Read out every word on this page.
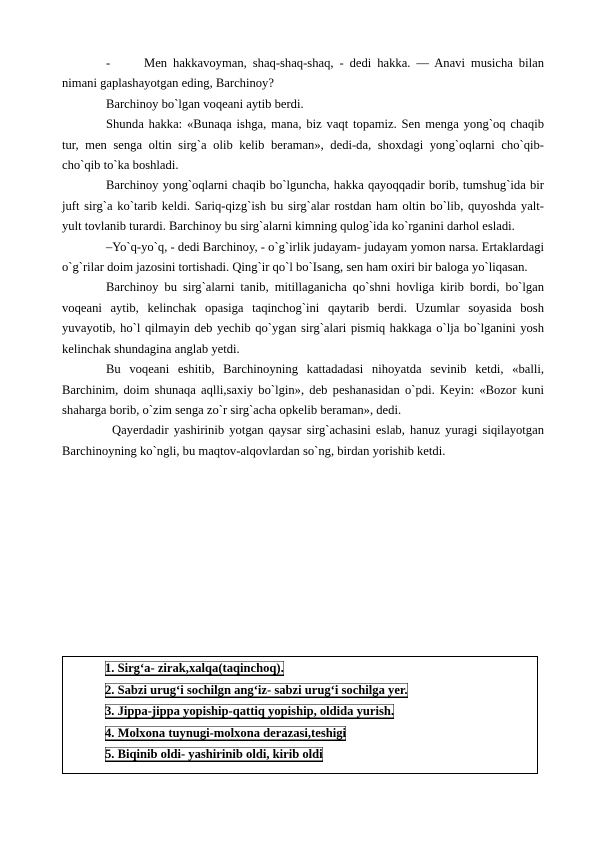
-	Men hakkavoyman, shaq-shaq-shaq, - dedi hakka. — Anavi musicha bilan nimani gaplashayotgan eding, Barchinoy?

Barchinoy bo`lgan voqeani aytib berdi.

Shunda hakka: «Bunaqa ishga, mana, biz vaqt topamiz. Sen menga yong`oq chaqib tur, men senga oltin sirg`a olib kelib beraman», dedi-da, shoxdagi yong`oqlarni cho`qib-cho`qib to`ka boshladi.

Barchinoy yong`oqlarni chaqib bo`lguncha, hakka qayoqqadir borib, tumshug`ida bir juft sirg`a ko`tarib keldi. Sariq-qizg`ish bu sirg`alar rostdan ham oltin bo`lib, quyoshda yalt-yult tovlanib turardi. Barchinoy bu sirg`alarni kimning qulog`ida ko`rganini darhol esladi.

–Yo`q-yo`q, - dedi Barchinoy, - o`g`irlik judayam- judayam yomon narsa. Ertaklardagi o`g`rilar doim jazosini tortishadi. Qing`ir qo`l bo`Isang, sen ham oxiri bir baloga yo`liqasan.

Barchinoy bu sirg`alarni tanib, mitillaganicha qo`shni hovliga kirib bordi, bo`lgan voqeani aytib, kelinchak opasiga taqinchog`ini qaytarib berdi. Uzumlar soyasida bosh yuvayotib, ho`l qilmayin deb yechib qo`ygan sirg`alari pismiq hakkaga o`lja bo`lganini yosh kelinchak shundagina anglab yetdi.

Bu voqeani eshitib, Barchinoyning kattadadasi nihoyatda sevinib ketdi, «balli, Barchinim, doim shunaqa aqlli,saxiy bo`lgin», deb peshanasidan o`pdi. Keyin: «Bozor kuni shaharga borib, o`zim senga zo`r sirg`acha opkelib beraman», dedi.

Qayerdadir yashirinib yotgan qaysar sirg`achasini eslab, hanuz yuragi siqilayotgan Barchinoyning ko`ngli, bu maqtov-alqovlardan so`ng, birdan yorishib ketdi.

1. Sirg‘a- zirak,xalqa(taqinchoq).
2. Sabzi urug‘i sochilgn ang‘iz- sabzi urug‘i sochilga yer.
3. Jippa-jippa yopiship-qattiq yopiship, oldida yurish.
4. Molxona tuynugi-molxona derazasi,teshigi
5. Biqinib oldi- yashirinib oldi, kirib oldi
